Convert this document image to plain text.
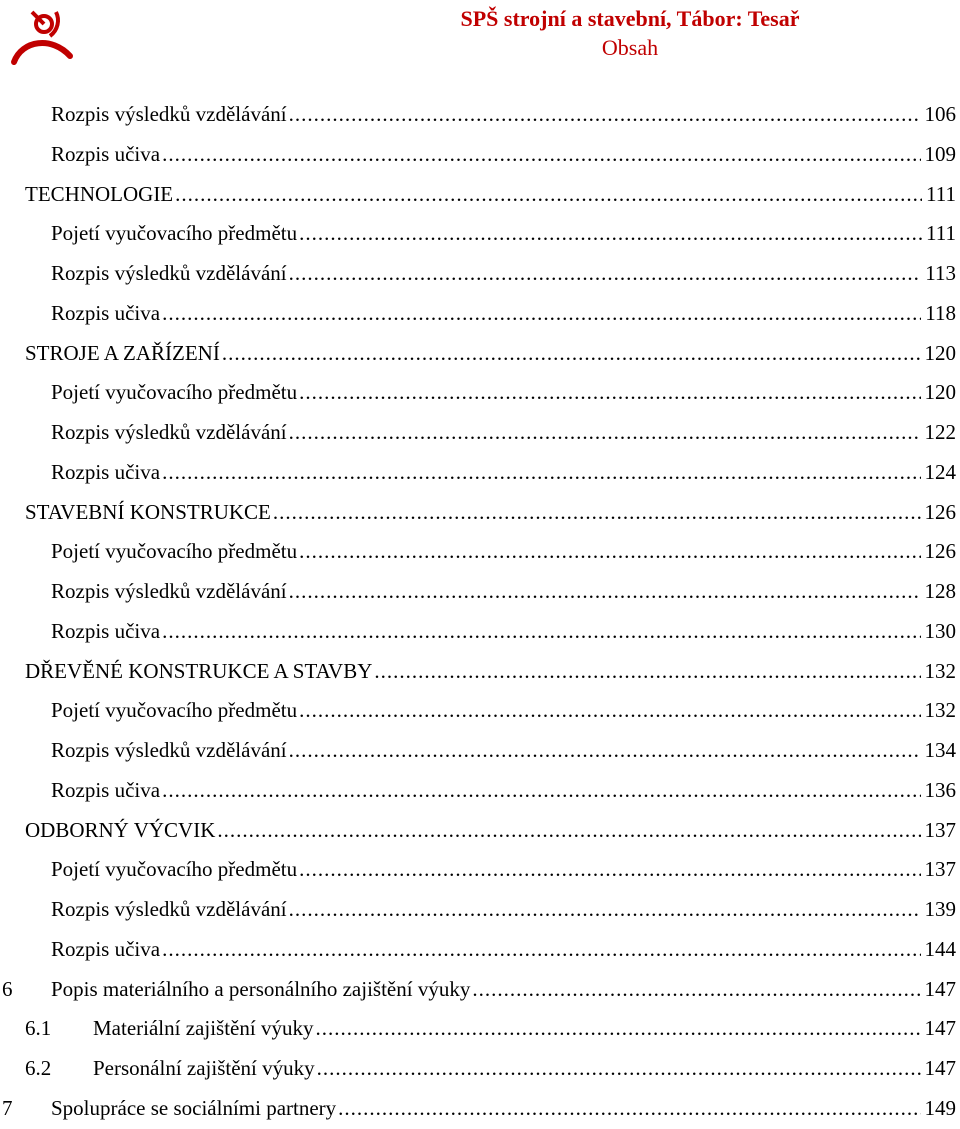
SPŠ strojní a stavební, Tábor: Tesař
Obsah
Rozpis výsledků vzdělávání .....	106
Rozpis učiva .....	109
TECHNOLOGIE .....	111
Pojetí vyučovacího předmětu .....	111
Rozpis výsledků vzdělávání .....	113
Rozpis učiva .....	118
STROJE A ZAŘÍZENÍ .....	120
Pojetí vyučovacího předmětu .....	120
Rozpis výsledků vzdělávání .....	122
Rozpis učiva .....	124
STAVEBNÍ KONSTRUKCE .....	126
Pojetí vyučovacího předmětu .....	126
Rozpis výsledků vzdělávání .....	128
Rozpis učiva .....	130
DŘEVĚNÉ KONSTRUKCE A STAVBY .....	132
Pojetí vyučovacího předmětu .....	132
Rozpis výsledků vzdělávání .....	134
Rozpis učiva .....	136
ODBORNÝ VÝCVIK .....	137
Pojetí vyučovacího předmětu .....	137
Rozpis výsledků vzdělávání .....	139
Rozpis učiva .....	144
6 Popis materiálního a personálního zajištění výuky .....	147
6.1 Materiální zajištění výuky .....	147
6.2 Personální zajištění výuky .....	147
7 Spolupráce se sociálními partnery .....	149
